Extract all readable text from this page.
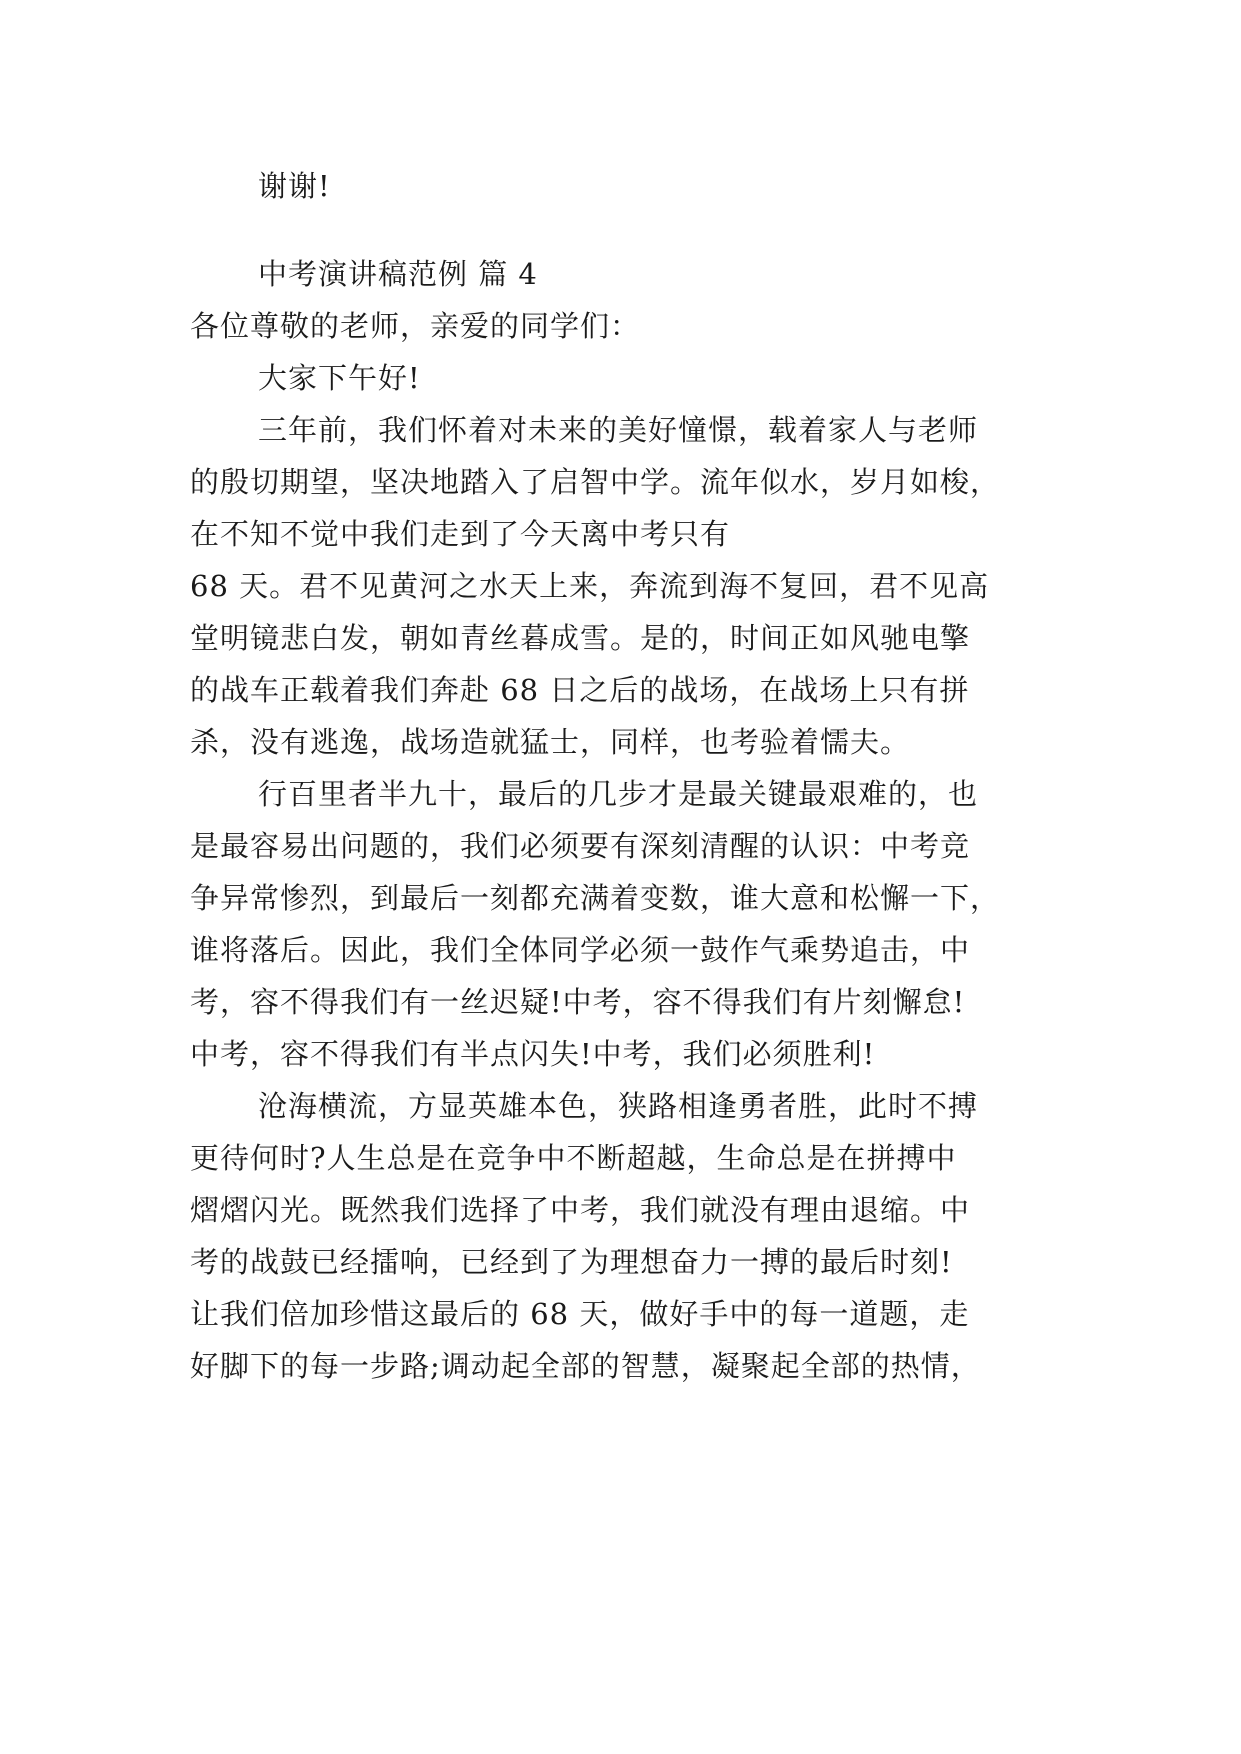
谢谢!
中考演讲稿范例 篇 4
各位尊敬的老师，亲爱的同学们：
大家下午好!
三年前，我们怀着对未来的美好憧憬，载着家人与老师
的殷切期望，坚决地踏入了启智中学。流年似水，岁月如梭，
在不知不觉中我们走到了今天离中考只有
68 天。君不见黄河之水天上来，奔流到海不复回，君不见高
堂明镜悲白发，朝如青丝暮成雪。是的，时间正如风驰电擎
的战车正载着我们奔赴 68 日之后的战场，在战场上只有拼
杀，没有逃逸，战场造就猛士，同样，也考验着懦夫。
行百里者半九十，最后的几步才是最关键最艰难的，也
是最容易出问题的，我们必须要有深刻清醒的认识：中考竞
争异常惨烈，到最后一刻都充满着变数，谁大意和松懈一下，
谁将落后。因此，我们全体同学必须一鼓作气乘势追击，中
考，容不得我们有一丝迟疑!中考，容不得我们有片刻懈怠!
中考，容不得我们有半点闪失!中考，我们必须胜利!
沧海横流，方显英雄本色，狭路相逢勇者胜，此时不搏
更待何时?人生总是在竞争中不断超越，生命总是在拼搏中
熠熠闪光。既然我们选择了中考，我们就没有理由退缩。中
考的战鼓已经擂响，已经到了为理想奋力一搏的最后时刻!
让我们倍加珍惜这最后的 68 天，做好手中的每一道题，走
好脚下的每一步路;调动起全部的智慧，凝聚起全部的热情，
